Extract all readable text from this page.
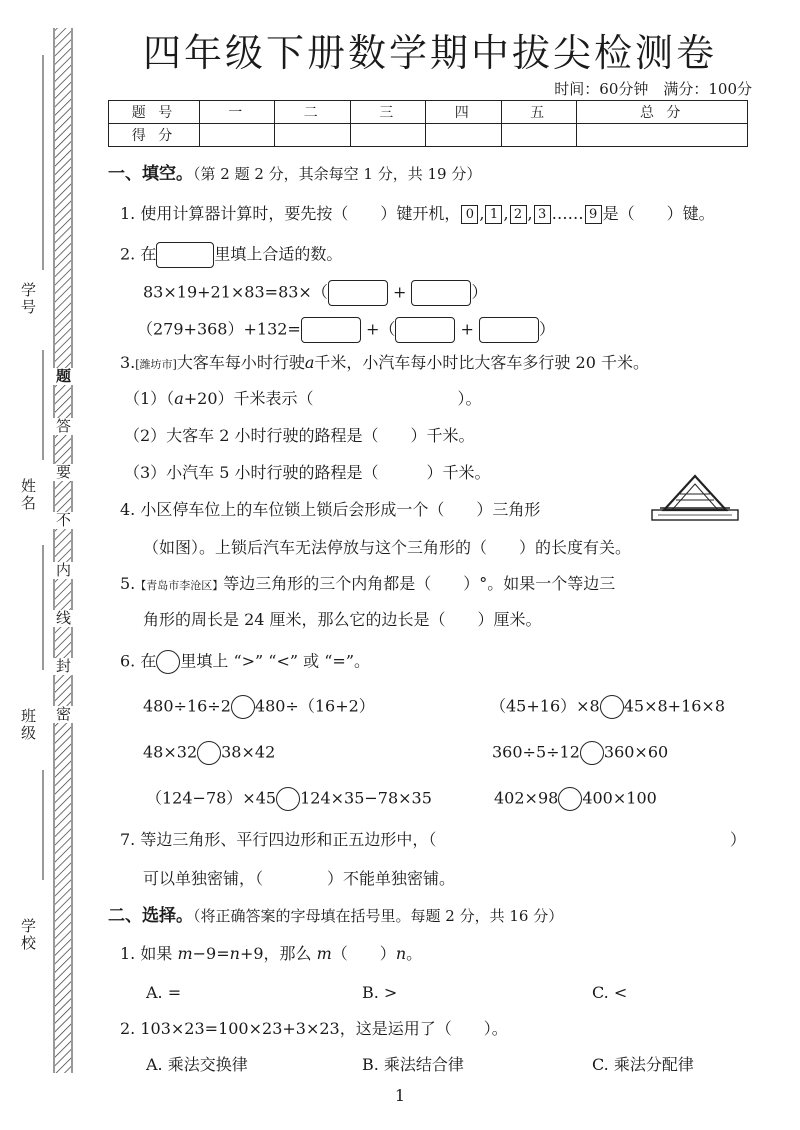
学号
姓名
班级
学校
题
答
要
不
内
线
封
密
四年级下册数学期中拔尖检测卷
时间：60分钟　满分：100分
题 号	一	二	三	四	五	总 分
得 分						
一、填空。（第 2 题 2 分，其余每空 1 分，共 19 分）
1. 使用计算器计算时，要先按（　　）键开机， 0 , 1 , 2 , 3 …… 9 是（　　）键。
2. 在	里填上合适的数。
83×19+21×83=83×（	+	）
（279+368）+132=	+（	+	）
3.[潍坊市]大客车每小时行驶a千米，小汽车每小时比大客车多行驶 20 千米。
（1）（a+20）千米表示（　　　　　　　　　）。
（2）大客车 2 小时行驶的路程是（　　）千米。
（3）小汽车 5 小时行驶的路程是（　　　）千米。
4. 小区停车位上的车位锁上锁后会形成一个（　　）三角形
（如图）。上锁后汽车无法停放与这个三角形的（　　）的长度有关。
5.【青岛市李沧区】等边三角形的三个内角都是（　　）°。如果一个等边三
角形的周长是 24 厘米，那么它的边长是（　　）厘米。
6. 在 里填上 “>” “<” 或 “=”。
480÷16÷2 480÷（16+2）	（45+16）×8 45×8+16×8
48×32 38×42	360÷5÷12 360×60
（124−78）×45 124×35−78×35	402×98 400×100
7. 等边三角形、平行四边形和正五边形中，（	）
可以单独密铺，（　　　　）不能单独密铺。
二、选择。（将正确答案的字母填在括号里。每题 2 分，共 16 分）
1. 如果 m−9=n+9，那么 m（　　）n。
A. =	B. >	C. <
2. 103×23=100×23+3×23，这是运用了（　　）。
A. 乘法交换律	B. 乘法结合律	C. 乘法分配律
1
